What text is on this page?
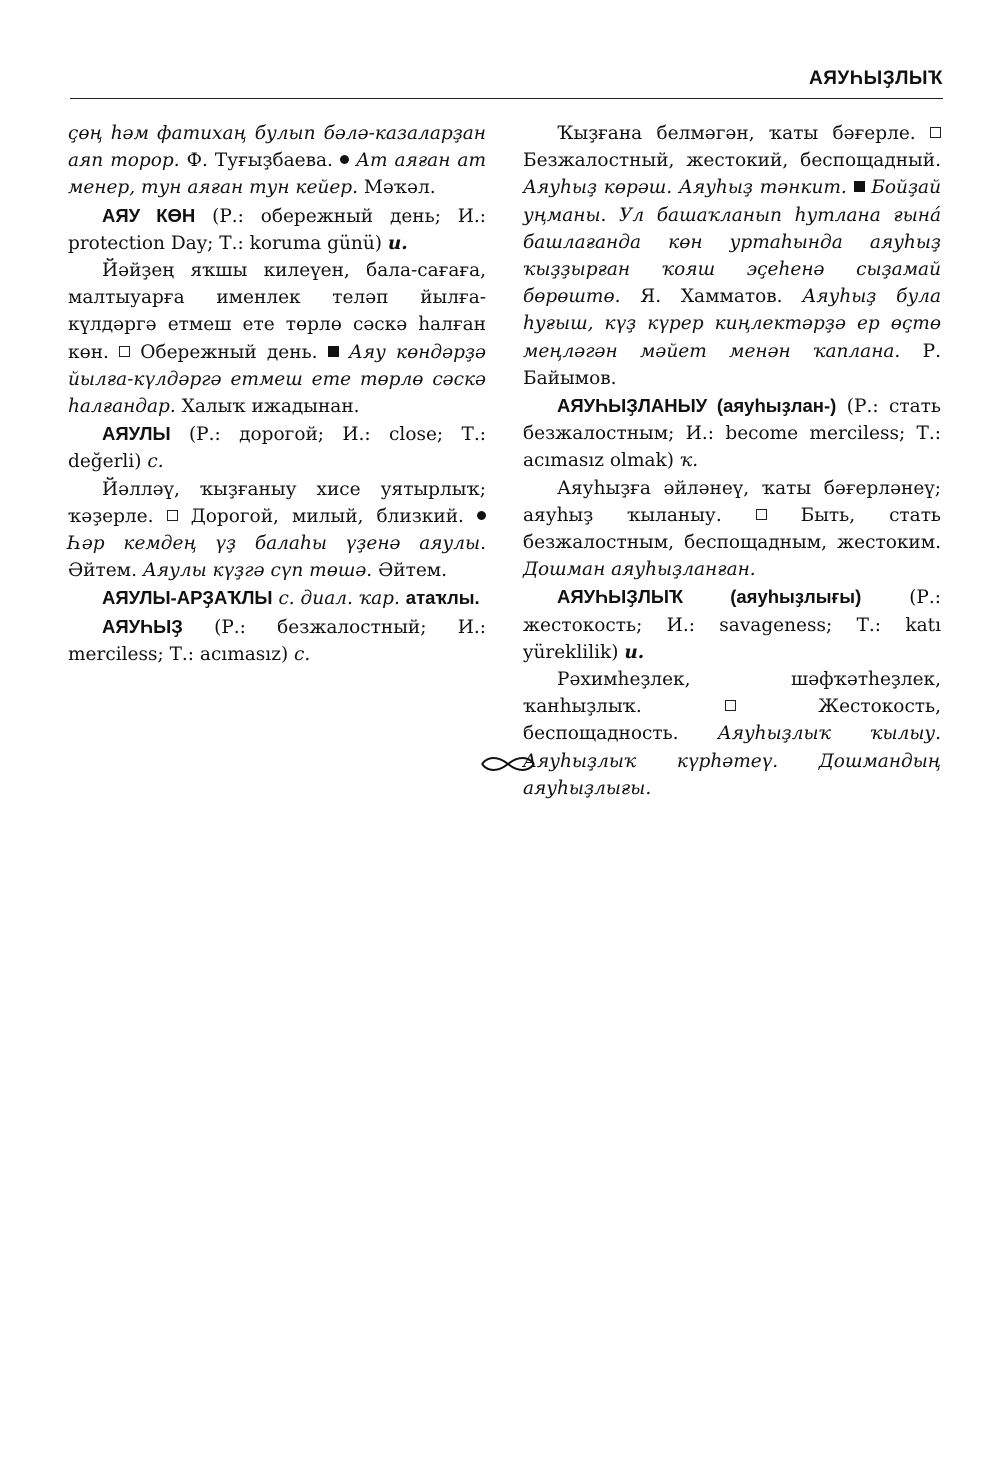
АЯУҺЫҘЛЫҠ

ҫөң һәм фатихаң булып бәлә-казаларҙан аяп торор. Ф. Туғыҙбаева.  Ат аяған ат менер, тун аяған тун кейер. Мәҡәл.

АЯУ КӨН (Р.: обережный день; И.: protection Day; Т.: koruma günü) и.

Йәйҙең яҡшы килеүен, бала-сағаға, малтыуарға именлек теләп йылға-күлдәргә етмеш ете төрлө сәскә һалған көн.  Обережный день.  Аяу көндәрҙә йылға-күлдәргә етмеш ете төрлө сәскә һалғандар. Халыҡ ижадынан.

АЯУЛЫ (Р.: дорогой; И.: close; Т.: değerli) с.

Йәлләү, ҡыҙғаныу хисе уятырлыҡ; ҡәҙерле.  Дорогой, милый, близкий.  Һәр кемдең үҙ балаһы үҙенә аяулы. Әйтем. Аяулы күҙгә сүп төшә. Әйтем.

АЯУЛЫ-АРҘАҠЛЫ с. диал. ҡар. атаҡлы.

АЯУҺЫҘ (Р.: безжалостный; И.: merciless; Т.: acımasız) с.

Ҡыҙғана белмәгән, ҡаты бәғерле.  Безжалостный, жестокий, беспощадный. Аяуһыҙ көрәш. Аяуһыҙ тәнкит. Бойҙай уңманы. Ул башаҡланып һутлана ғынá башлағанда көн уртаһында аяуһыҙ ҡыҙҙырған ҡояш эҫеһенә сыҙамай бөрөштө. Я. Хамматов. Аяуһыҙ була һуғыш, күҙ күрер киңлектәрҙә ер өҫтө меңләгән мәйет менән ҡаплана. Р. Байымов.

АЯУҺЫҘЛАНЫУ (аяуһыҙлан-) (Р.: стать безжалостным; И.: become merciless; Т.: acımasız olmak) ҡ.

Аяуһыҙға әйләнеү, ҡаты бәғерләнеү; аяуһыҙ ҡыланыу.  Быть, стать безжалостным, беспощадным, жестоким. Дошман аяуһыҙланған.

АЯУҺЫҘЛЫҠ (аяуһыҙлығы) (Р.: жестокость; И.: savageness; Т.: katı yüreklilik) и.

Рәхимһеҙлек, шәфҡәтһеҙлек, ҡанһыҙлыҡ.  Жестокость, беспощадность. Аяуһыҙлыҡ ҡылыу. Аяуһыҙлыҡ күрһәтеү. Дошмандың аяуһыҙлығы.
